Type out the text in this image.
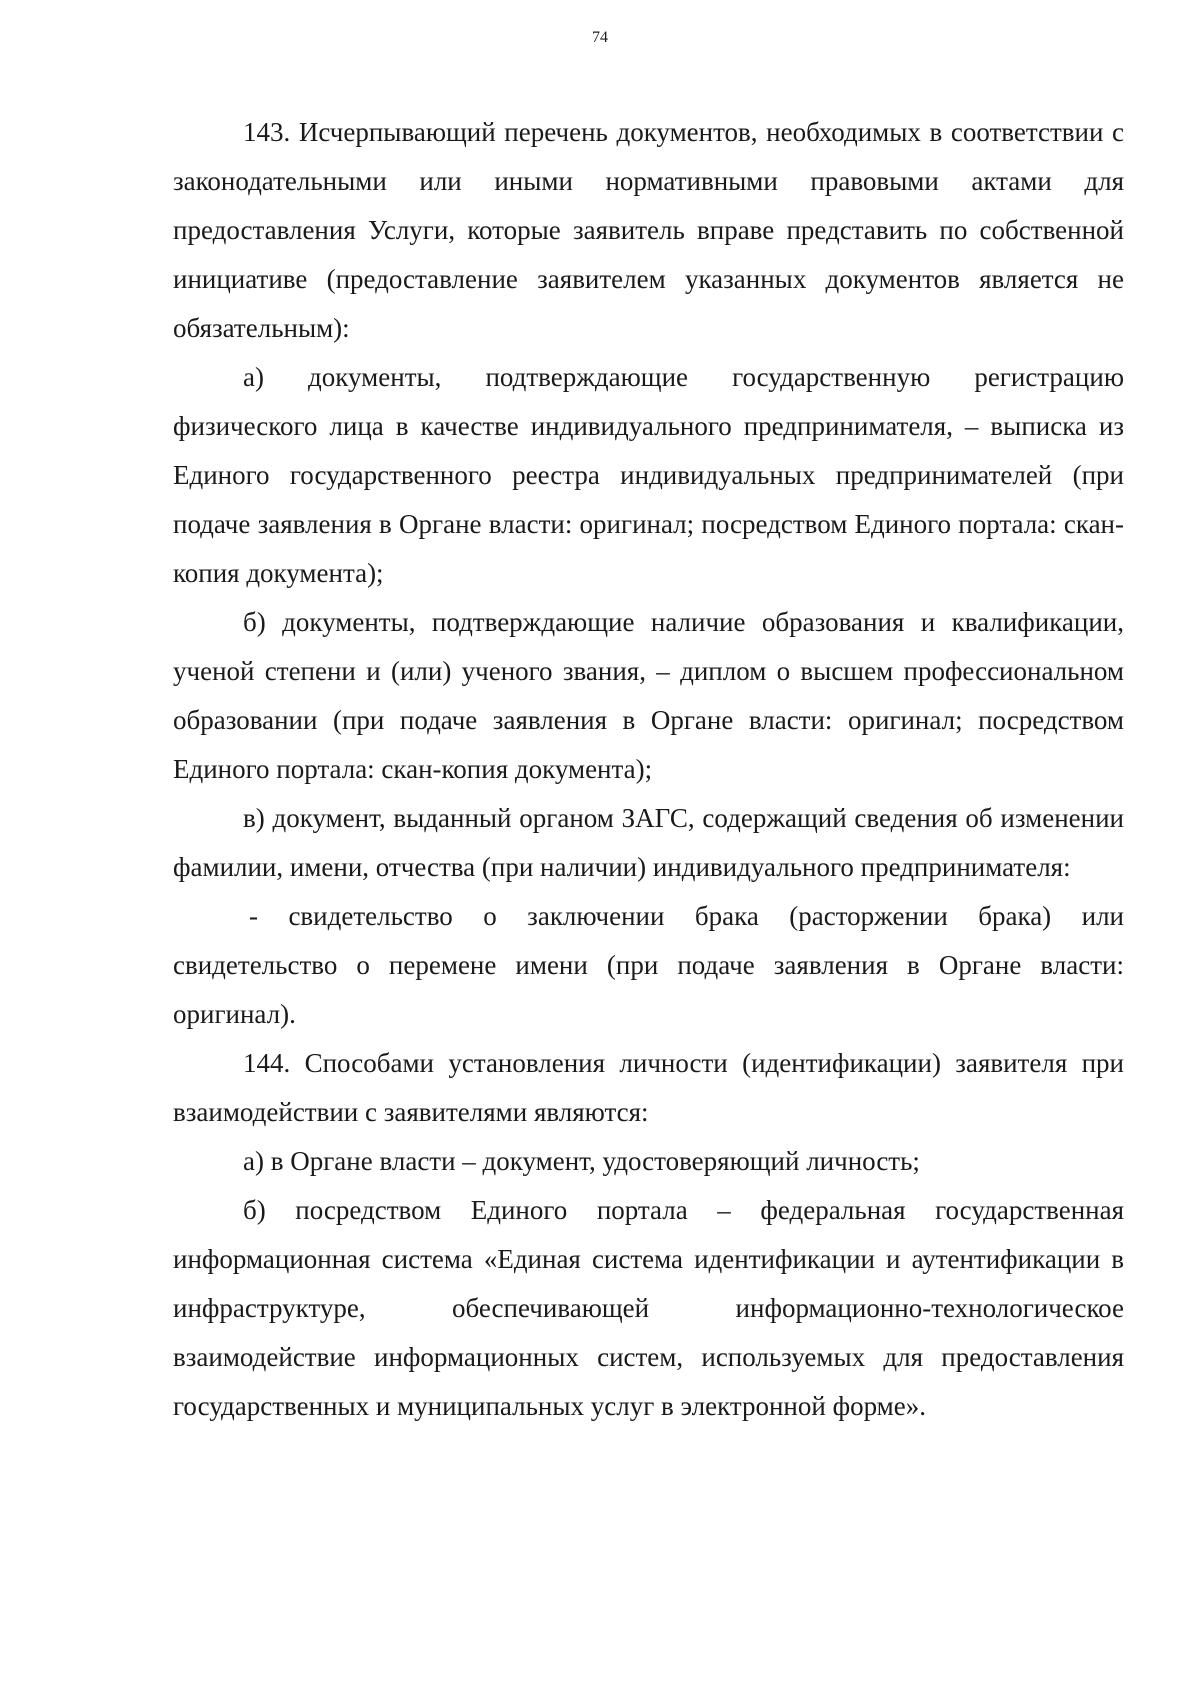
74

143. Исчерпывающий перечень документов, необходимых в соответствии с законодательными или иными нормативными правовыми актами для предоставления Услуги, которые заявитель вправе представить по собственной инициативе (предоставление заявителем указанных документов является не обязательным):

а) документы, подтверждающие государственную регистрацию физического лица в качестве индивидуального предпринимателя, – выписка из Единого государственного реестра индивидуальных предпринимателей (при подаче заявления в Органе власти: оригинал; посредством Единого портала: скан-копия документа);

б) документы, подтверждающие наличие образования и квалификации, ученой степени и (или) ученого звания, – диплом о высшем профессиональном образовании (при подаче заявления в Органе власти: оригинал; посредством Единого портала: скан-копия документа);

в) документ, выданный органом ЗАГС, содержащий сведения об изменении фамилии, имени, отчества (при наличии) индивидуального предпринимателя:

- свидетельство о заключении брака (расторжении брака) или свидетельство о перемене имени (при подаче заявления в Органе власти: оригинал).

144. Способами установления личности (идентификации) заявителя при взаимодействии с заявителями являются:

а) в Органе власти – документ, удостоверяющий личность;

б) посредством Единого портала – федеральная государственная информационная система «Единая система идентификации и аутентификации в инфраструктуре, обеспечивающей информационно-технологическое взаимодействие информационных систем, используемых для предоставления государственных и муниципальных услуг в электронной форме».
